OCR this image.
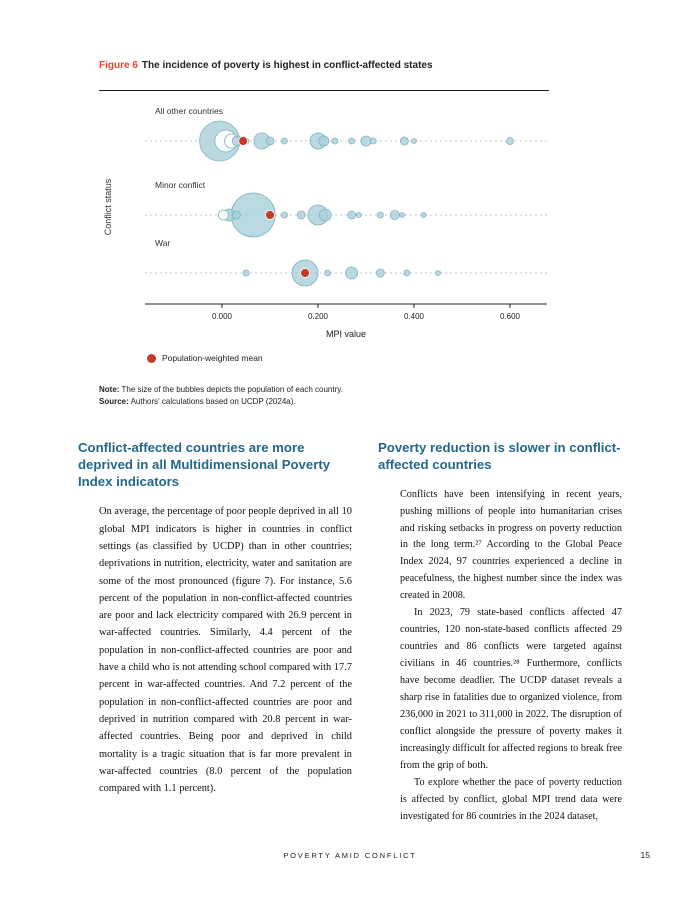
Figure 6 The incidence of poverty is highest in conflict-affected states
All other countries
Minor conflict
War
0.000	0.200	0.400	0.600
MPI value
Conflict status
Population-weighted mean
Note: The size of the bubbles depicts the population of each country.
Source: Authors' calculations based on UCDP (2024a).
Conflict-affected countries are more deprived in all Multidimensional Poverty Index indicators

On average, the percentage of poor people deprived in all 10 global MPI indicators is higher in countries in conflict settings (as classified by UCDP) than in other countries; deprivations in nutrition, electricity, water and sanitation are some of the most pronounced (figure 7). For instance, 5.6 percent of the population in non-conflict-affected countries are poor and lack electricity compared with 26.9 percent in war-affected countries. Similarly, 4.4 percent of the population in non-conflict-affected countries are poor and have a child who is not attending school compared with 17.7 percent in war-affected countries. And 7.2 percent of the population in non-conflict-affected countries are poor and deprived in nutrition compared with 20.8 percent in war-affected countries. Being poor and deprived in child mortality is a tragic situation that is far more prevalent in war-affected countries (8.0 percent of the population compared with 1.1 percent).

Poverty reduction is slower in conflict-affected countries

Conflicts have been intensifying in recent years, pushing millions of people into humanitarian crises and risking setbacks in progress on poverty reduction in the long term.²⁷ According to the Global Peace Index 2024, 97 countries experienced a decline in peacefulness, the highest number since the index was created in 2008.

In 2023, 79 state-based conflicts affected 47 countries, 120 non-state-based conflicts affected 29 countries and 86 conflicts were targeted against civilians in 46 countries.²⁸ Furthermore, conflicts have become deadlier. The UCDP dataset reveals a sharp rise in fatalities due to organized violence, from 236,000 in 2021 to 311,000 in 2022. The disruption of conflict alongside the pressure of poverty makes it increasingly difficult for affected regions to break free from the grip of both.

To explore whether the pace of poverty reduction is affected by conflict, global MPI trend data were investigated for 86 countries in the 2024 dataset,

POVERTY AMID CONFLICT	15
